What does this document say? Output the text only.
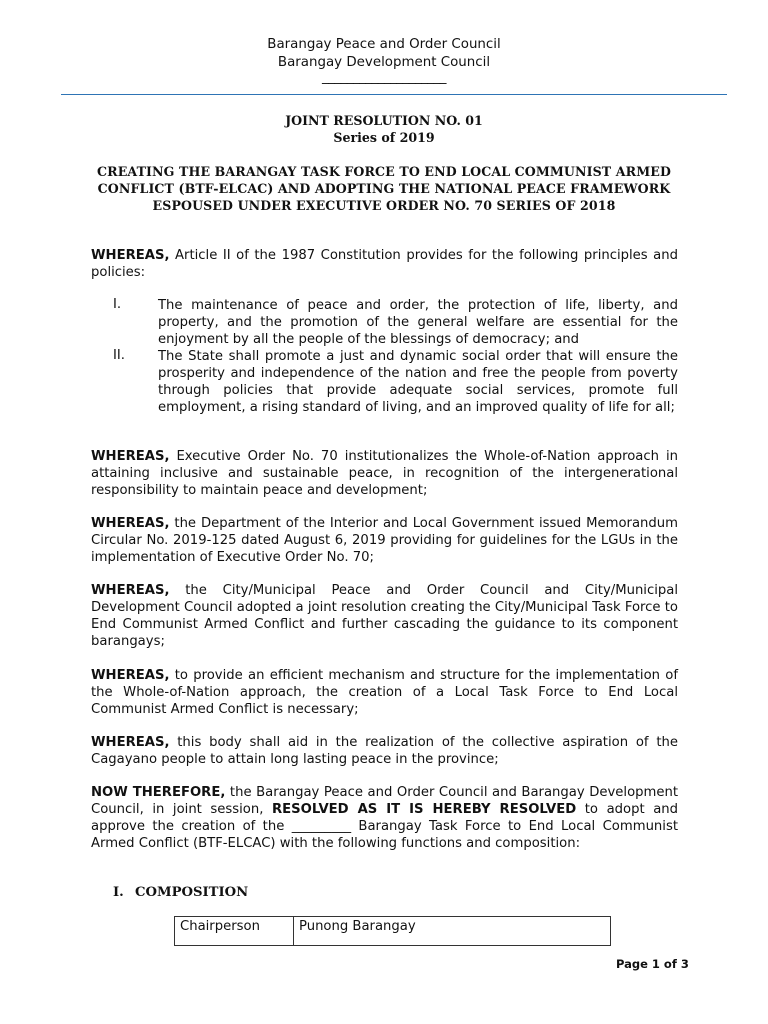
Barangay Peace and Order Council
Barangay Development Council
____________________
JOINT RESOLUTION NO. 01
Series of 2019
CREATING THE BARANGAY TASK FORCE TO END LOCAL COMMUNIST ARMED CONFLICT (BTF-ELCAC) AND ADOPTING THE NATIONAL PEACE FRAMEWORK ESPOUSED UNDER EXECUTIVE ORDER NO. 70 SERIES OF 2018
WHEREAS, Article II of the 1987 Constitution provides for the following principles and policies:
I.	The maintenance of peace and order, the protection of life, liberty, and property, and the promotion of the general welfare are essential for the enjoyment by all the people of the blessings of democracy; and
II.	The State shall promote a just and dynamic social order that will ensure the prosperity and independence of the nation and free the people from poverty through policies that provide adequate social services, promote full employment, a rising standard of living, and an improved quality of life for all;
WHEREAS, Executive Order No. 70 institutionalizes the Whole-of-Nation approach in attaining inclusive and sustainable peace, in recognition of the intergenerational responsibility to maintain peace and development;
WHEREAS, the Department of the Interior and Local Government issued Memorandum Circular No. 2019-125 dated August 6, 2019 providing for guidelines for the LGUs in the implementation of Executive Order No. 70;
WHEREAS, the City/Municipal Peace and Order Council and City/Municipal Development Council adopted a joint resolution creating the City/Municipal Task Force to End Communist Armed Conflict and further cascading the guidance to its component barangays;
WHEREAS, to provide an efficient mechanism and structure for the implementation of the Whole-of-Nation approach, the creation of a Local Task Force to End Local Communist Armed Conflict is necessary;
WHEREAS, this body shall aid in the realization of the collective aspiration of the Cagayano people to attain long lasting peace in the province;
NOW THEREFORE, the Barangay Peace and Order Council and Barangay Development Council, in joint session, RESOLVED AS IT IS HEREBY RESOLVED to adopt and approve the creation of the _________ Barangay Task Force to End Local Communist Armed Conflict (BTF-ELCAC) with the following functions and composition:
I. COMPOSITION
Chairperson	Punong Barangay
Page 1 of 3
